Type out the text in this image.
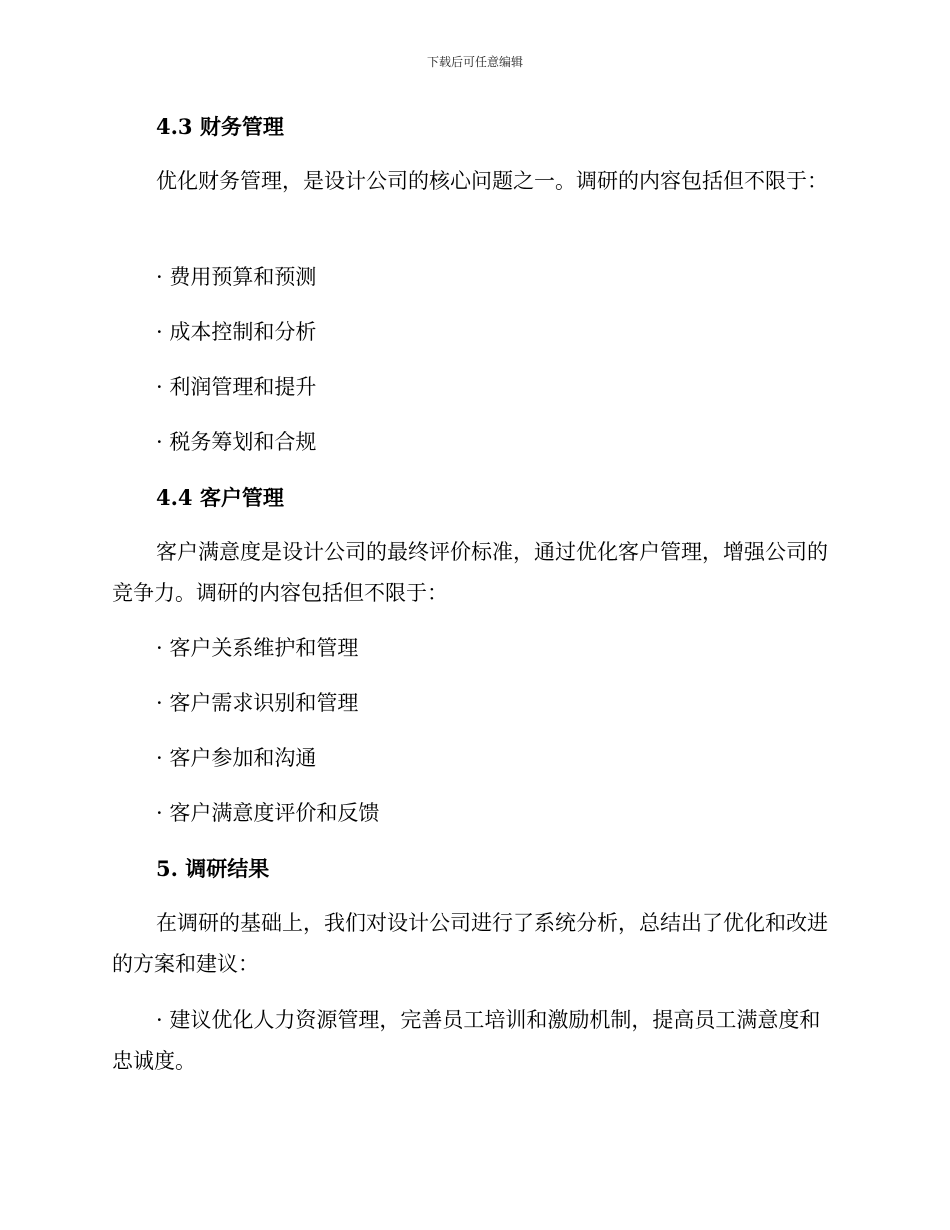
下载后可任意编辑

4.3 财务管理

优化财务管理，是设计公司的核心问题之一。调研的内容包括但不限于：

· 费用预算和预测

· 成本控制和分析

· 利润管理和提升

· 税务筹划和合规

4.4 客户管理

客户满意度是设计公司的最终评价标准，通过优化客户管理，增强公司的竞争力。调研的内容包括但不限于：

· 客户关系维护和管理

· 客户需求识别和管理

· 客户参加和沟通

· 客户满意度评价和反馈

5. 调研结果

在调研的基础上，我们对设计公司进行了系统分析，总结出了优化和改进的方案和建议：

· 建议优化人力资源管理，完善员工培训和激励机制，提高员工满意度和忠诚度。
